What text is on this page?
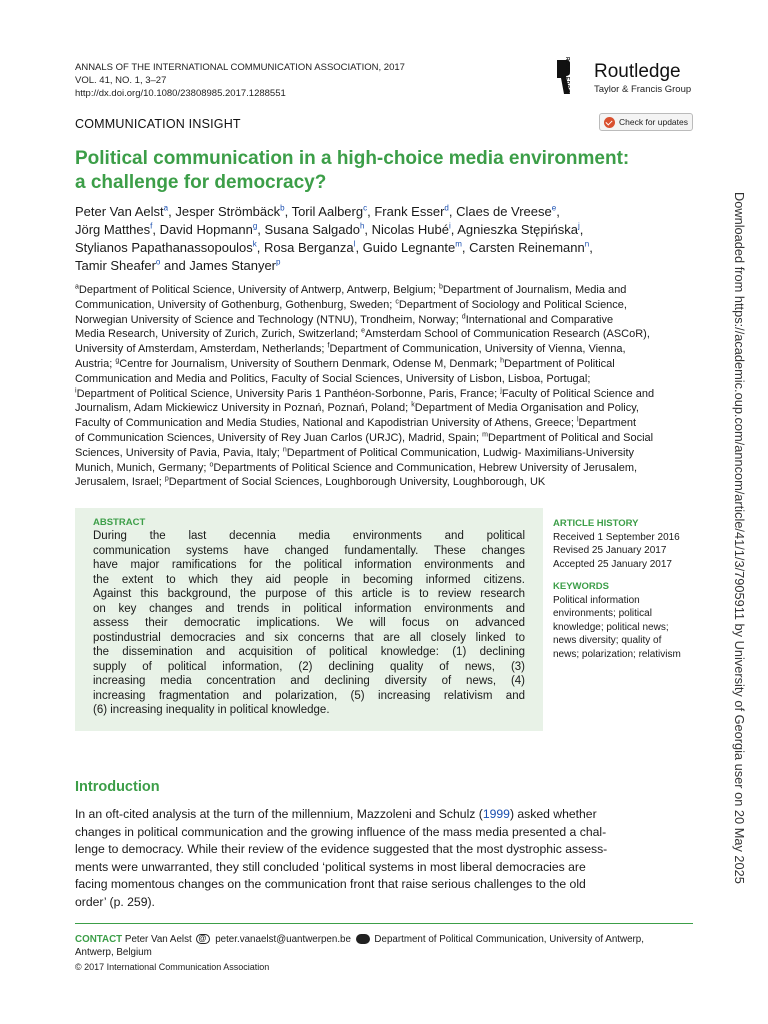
ANNALS OF THE INTERNATIONAL COMMUNICATION ASSOCIATION, 2017
VOL. 41, NO. 1, 3–27
http://dx.doi.org/10.1080/23808985.2017.1288551
ROUTLEDGE Routledge
Taylor & Francis Group
COMMUNICATION INSIGHT	Check for updates
Political communication in a high-choice media environment:
a challenge for democracy?
Peter Van Aelst$^a$, Jesper Strömbäck$^b$, Toril Aalberg$^c$, Frank Esser$^d$, Claes de Vreese$^e$,
Jörg Matthes$^f$, David Hopmann$^g$, Susana Salgado$^h$, Nicolas Hubé$^i$, Agnieszka Stępińska$^j$,
Stylianos Papathanassopoulos$^k$, Rosa Berganza$^l$, Guido Legnante$^m$, Carsten Reinemann$^n$,
Tamir Sheafer$^o$ and James Stanyer$^p$
$^a$Department of Political Science, University of Antwerp, Antwerp, Belgium; $^b$Department of Journalism, Media and
Communication, University of Gothenburg, Gothenburg, Sweden; $^c$Department of Sociology and Political Science,
Norwegian University of Science and Technology (NTNU), Trondheim, Norway; $^d$International and Comparative
Media Research, University of Zurich, Zurich, Switzerland; $^e$Amsterdam School of Communication Research (ASCoR),
University of Amsterdam, Amsterdam, Netherlands; $^f$Department of Communication, University of Vienna, Vienna,
Austria; $^g$Centre for Journalism, University of Southern Denmark, Odense M, Denmark; $^h$Department of Political
Communication and Media and Politics, Faculty of Social Sciences, University of Lisbon, Lisboa, Portugal;
$^i$Department of Political Science, University Paris 1 Panthéon-Sorbonne, Paris, France; $^j$Faculty of Political Science and
Journalism, Adam Mickiewicz University in Poznań, Poznań, Poland; $^k$Department of Media Organisation and Policy,
Faculty of Communication and Media Studies, National and Kapodistrian University of Athens, Greece; $^l$Department
of Communication Sciences, University of Rey Juan Carlos (URJC), Madrid, Spain; $^m$Department of Political and Social
Sciences, University of Pavia, Pavia, Italy; $^n$Department of Political Communication, Ludwig- Maximilians-University
Munich, Munich, Germany; $^o$Departments of Political Science and Communication, Hebrew University of Jerusalem,
Jerusalem, Israel; $^p$Department of Social Sciences, Loughborough University, Loughborough, UK
ABSTRACT
During the last decennia media environments and political
communication systems have changed fundamentally. These changes
have major ramifications for the political information environments and
the extent to which they aid people in becoming informed citizens.
Against this background, the purpose of this article is to review research
on key changes and trends in political information environments and
assess their democratic implications. We will focus on advanced
postindustrial democracies and six concerns that are all closely linked to
the dissemination and acquisition of political knowledge: (1) declining
supply of political information, (2) declining quality of news, (3)
increasing media concentration and declining diversity of news, (4)
increasing fragmentation and polarization, (5) increasing relativism and
(6) increasing inequality in political knowledge.
ARTICLE HISTORY
Received 1 September 2016
Revised 25 January 2017
Accepted 25 January 2017
KEYWORDS
Political information
environments; political
knowledge; political news;
news diversity; quality of
news; polarization; relativism
Introduction
In an oft-cited analysis at the turn of the millennium, Mazzoleni and Schulz (1999) asked whether
changes in political communication and the growing influence of the mass media presented a chal-
lenge to democracy. While their review of the evidence suggested that the most dystrophic assess-
ments were unwarranted, they still concluded ‘political systems in most liberal democracies are
facing momentous changes on the communication front that raise serious challenges to the old
order’ (p. 259).
CONTACT Peter Van Aelst @ peter.vanaelst@uantwerpen.be Department of Political Communication, University of Antwerp,
Antwerp, Belgium
© 2017 International Communication Association
Downloaded from https://academic.oup.com/anncom/article/41/1/3/7905911 by University of Georgia user on 20 May 2025
